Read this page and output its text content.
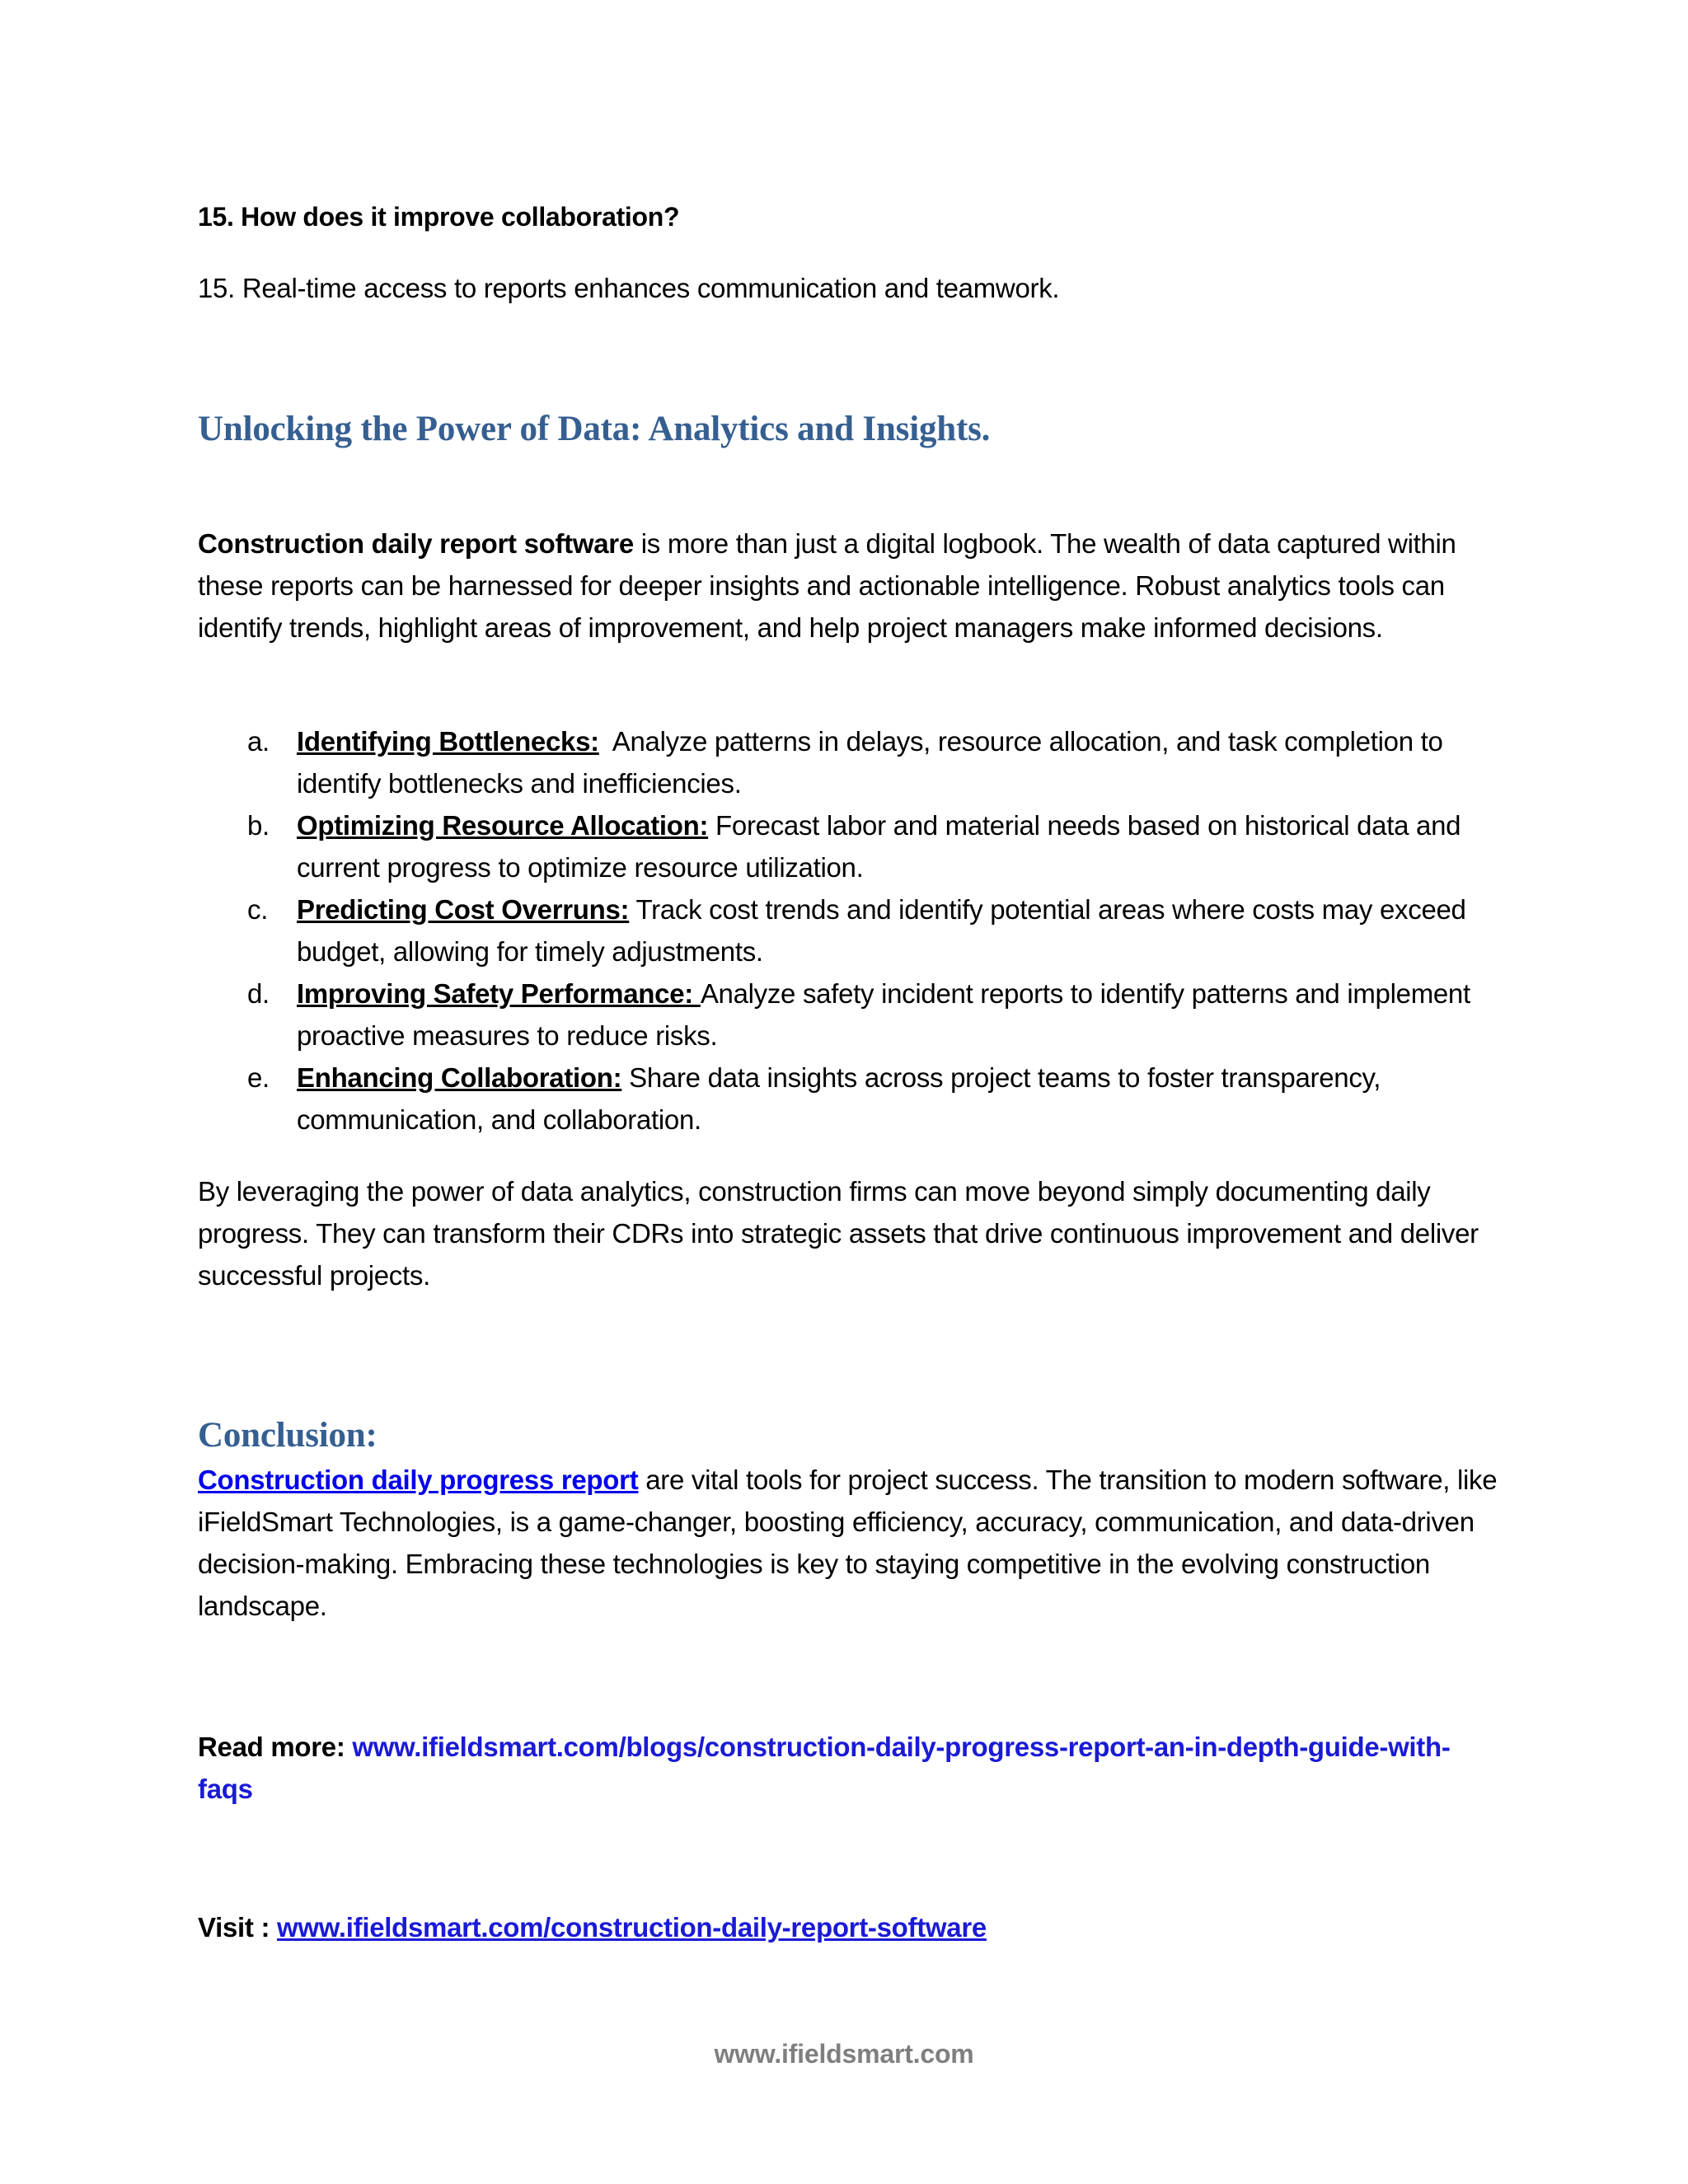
15. How does it improve collaboration?
15. Real-time access to reports enhances communication and teamwork.
Unlocking the Power of Data: Analytics and Insights.
Construction daily report software is more than just a digital logbook. The wealth of data captured within these reports can be harnessed for deeper insights and actionable intelligence. Robust analytics tools can identify trends, highlight areas of improvement, and help project managers make informed decisions.
a. Identifying Bottlenecks:  Analyze patterns in delays, resource allocation, and task completion to identify bottlenecks and inefficiencies.
b. Optimizing Resource Allocation: Forecast labor and material needs based on historical data and current progress to optimize resource utilization.
c. Predicting Cost Overruns: Track cost trends and identify potential areas where costs may exceed budget, allowing for timely adjustments.
d. Improving Safety Performance: Analyze safety incident reports to identify patterns and implement proactive measures to reduce risks.
e. Enhancing Collaboration: Share data insights across project teams to foster transparency, communication, and collaboration.
By leveraging the power of data analytics, construction firms can move beyond simply documenting daily progress. They can transform their CDRs into strategic assets that drive continuous improvement and deliver successful projects.
Conclusion:
Construction daily progress report are vital tools for project success. The transition to modern software, like iFieldSmart Technologies, is a game-changer, boosting efficiency, accuracy, communication, and data-driven decision-making. Embracing these technologies is key to staying competitive in the evolving construction landscape.
Read more: www.ifieldsmart.com/blogs/construction-daily-progress-report-an-in-depth-guide-with-faqs
Visit : www.ifieldsmart.com/construction-daily-report-software
www.ifieldsmart.com
